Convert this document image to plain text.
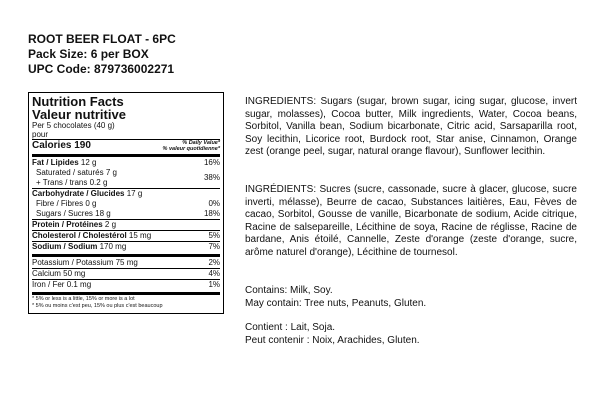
ROOT BEER FLOAT - 6PC
Pack Size: 6 per BOX
UPC Code: 879736002271
Nutrition Facts
Valeur nutritive
Per 5 chocolates (40 g)
pour
Calories 190	% Daily Value*
% valeur quotidienne*
Fat / Lipides 12 g	16%
Saturated / saturés 7 g
+ Trans / trans 0.2 g
38%
Carbohydrate / Glucides 17 g
Fibre / Fibres 0 g	0%
Sugars / Sucres 18 g	18%
Protein / Protéines 2 g
Cholesterol / Cholestérol 15 mg	5%
Sodium / Sodium 170 mg	7%
Potassium / Potassium 75 mg	2%
Calcium 50 mg	4%
Iron / Fer 0.1 mg	1%
* 5% or less is a little, 15% or more is a lot
* 5% ou moins c'est peu, 15% ou plus c'est beaucoup

INGREDIENTS: Sugars (sugar, brown sugar, icing sugar, glucose, invert sugar, molasses), Cocoa butter, Milk ingredients, Water, Cocoa beans, Sorbitol, Vanilla bean, Sodium bicarbonate, Citric acid, Sarsaparilla root, Soy lecithin, Licorice root, Burdock root, Star anise, Cinnamon, Orange zest (orange peel, sugar, natural orange flavour), Sunflower lecithin.

INGRÉDIENTS: Sucres (sucre, cassonade, sucre à glacer, glucose, sucre inverti, mélasse), Beurre de cacao, Substances laitières, Eau, Fèves de cacao, Sorbitol, Gousse de vanille, Bicarbonate de sodium, Acide citrique, Racine de salsepareille, Lécithine de soya, Racine de réglisse, Racine de bardane, Anis étoilé, Cannelle, Zeste d'orange (zeste d'orange, sucre, arôme naturel d'orange), Lécithine de tournesol.

Contains: Milk, Soy.
May contain: Tree nuts, Peanuts, Gluten.
Contient : Lait, Soja.
Peut contenir : Noix, Arachides, Gluten.
